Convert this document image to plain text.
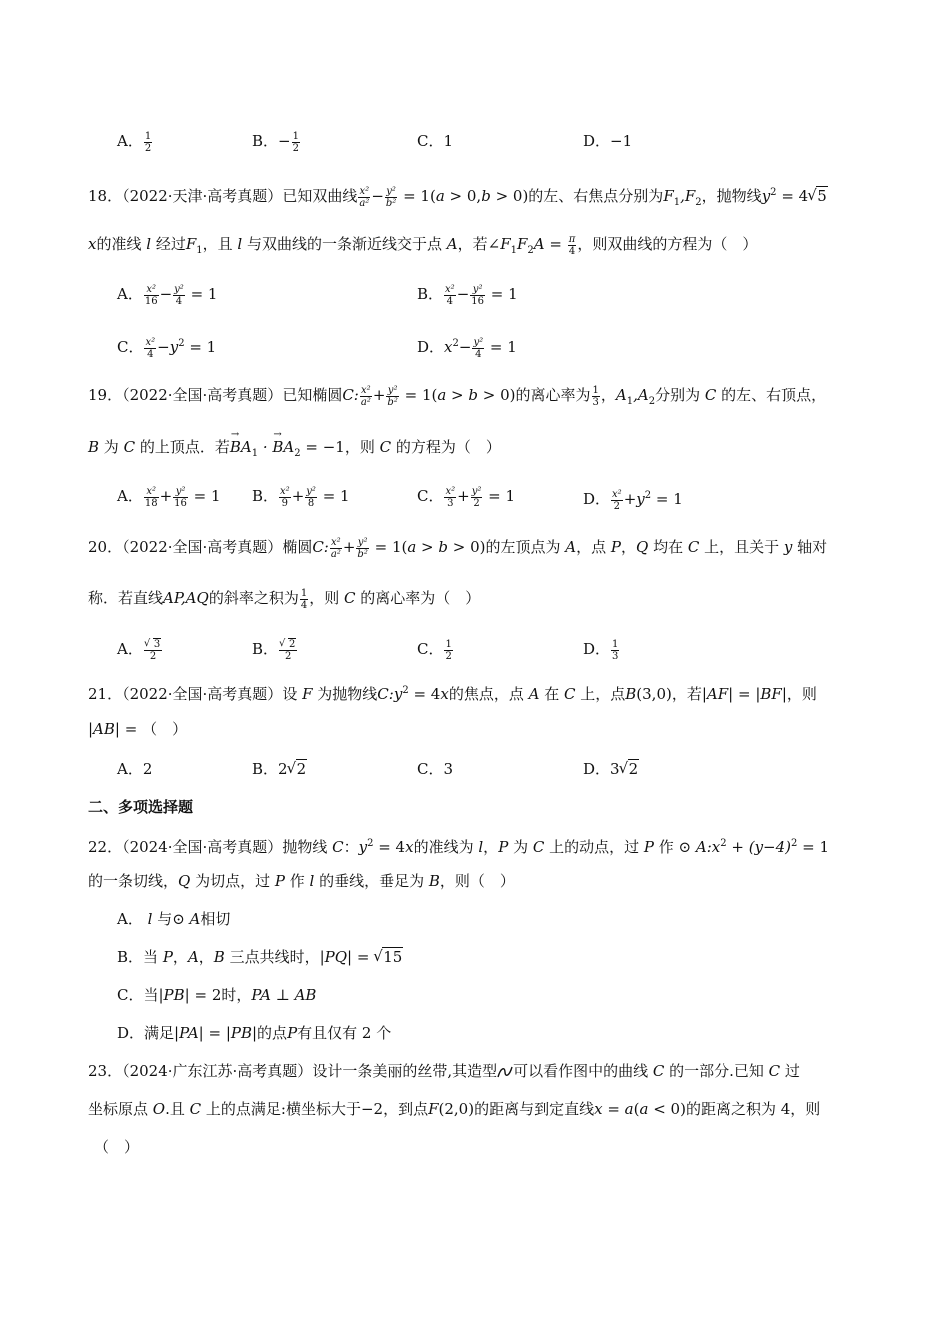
A． $\frac{1}{2}$	B．− $\frac{1}{2}$	C．1	D．−1
18．（2022·天津·高考真题）已知双曲线 $\frac{\text{x²}}{\text{a²}} - \frac{\text{y²}}{\text{b²}} = 1(a > 0,b > 0)$的左、右焦点分别为$F_1,F_2$，抛物线$y^2 = 4√$ 5
x的准线 l 经过$F_1$，且 l 与双曲线的一条渐近线交于点 A，若$\angle F_1F_2A = \frac{\pi}{4}$ ，则双曲线的方程为（　）
A． $\frac{\text{x²}}{16} - \frac{\text{y²}}{4} = 1$	B． $\frac{\text{x²}}{4} - \frac{\text{y²}}{16} = 1$
C． $\frac{\text{x²}}{4} -y^2 = 1$	D．$x^2- \frac{\text{y²}}{4} = 1$
19．（2022·全国·高考真题）已知椭圆C: $\frac{\text{x²}}{\text{a²}} + \frac{\text{y²}}{\text{b²}} = 1(a > b > 0)$的离心率为 $\frac{1}{3}$ ，$A_1,A_2$分别为 C 的左、右顶点，
B 为 C 的上顶点．若→ $BA_1$ · → $BA_2 = -1$，则 C 的方程为（　）
A． $\frac{\text{x²}}{18} + \frac{\text{y²}}{16} = 1$ B． $\frac{\text{x²}}{9} + \frac{\text{y²}}{8} = 1$	C． $\frac{\text{x²}}{3} + \frac{\text{y²}}{2} = 1$	D． $\frac{\text{x²}}{2} +y^2 = 1$
20．（2022·全国·高考真题）椭圆C: $\frac{\text{x²}}{\text{a²}} + \frac{\text{y²}}{\text{b²}} = 1(a > b > 0)$的左顶点为 A，点 P，Q 均在 C 上，且关于 y 轴对
称．若直线AP,AQ的斜率之积为 $\frac{1}{4}$ ，则 C 的离心率为（　）
A．
√ $\frac{3}{2}$	B．
√ $\frac{2}{2}$	C． $\frac{1}{2}$	D． $\frac{1}{3}$
21．（2022·全国·高考真题）设 F 为抛物线$C:y^2 = 4x$的焦点，点 A 在 C 上，点B(3,0)，若|AF| = |BF|，则
|AB| = （　）
A．2	B．2√ 2	C．3	D．3√ 2
二、多项选择题
22．（2024·全国·高考真题）抛物线 C：$y^2 = 4x$的准线为 l，P 为 C 上的动点，过 P 作 ⊙ $A:x^2 + (y-4)^2 = 1$
的一条切线，Q 为切点，过 P 作 l 的垂线，垂足为 B，则（　）
A． l 与⊙ A相切
B．当 P，A，B 三点共线时，|PQ| = √ 15
C．当|PB| = 2时，PA ⊥ AB
D．满足|PA| = |PB|的点P有且仅有 2 个
23．（2024·广东江苏·高考真题）设计一条美丽的丝带,其造型 可以看作图中的曲线 C 的一部分.已知 C 过
坐标原点 O.且 C 上的点满足:横坐标大于−2，到点F(2,0)的距离与到定直线x = a(a < 0)的距离之积为 4，则
（　）
